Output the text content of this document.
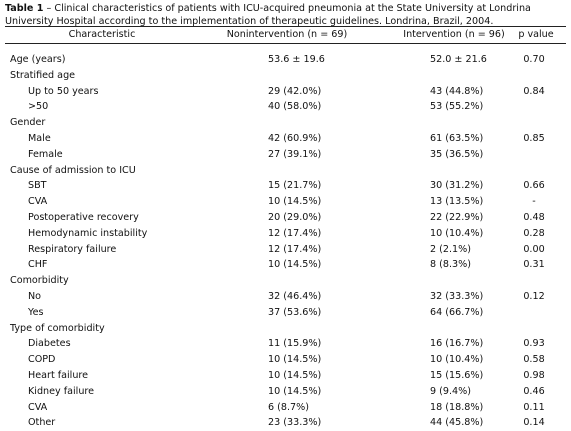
Table 1 – Clinical characteristics of patients with ICU-acquired pneumonia at the State University at Londrina University Hospital according to the implementation of therapeutic guidelines. Londrina, Brazil, 2004.
Characteristic	Nonintervention (n = 69)	Intervention (n = 96)	p value
Age (years)	53.6 ± 19.6	52.0 ± 21.6	0.70
Stratified age
Up to 50 years	29 (42.0%)	43 (44.8%)	0.84
>50	40 (58.0%)	53 (55.2%)
Gender
Male	42 (60.9%)	61 (63.5%)	0.85
Female	27 (39.1%)	35 (36.5%)
Cause of admission to ICU
SBT	15 (21.7%)	30 (31.2%)	0.66
CVA	10 (14.5%)	13 (13.5%)	-
Postoperative recovery	20 (29.0%)	22 (22.9%)	0.48
Hemodynamic instability	12 (17.4%)	10 (10.4%)	0.28
Respiratory failure	12 (17.4%)	2 (2.1%)	0.00
CHF	10 (14.5%)	8 (8.3%)	0.31
Comorbidity
No	32 (46.4%)	32 (33.3%)	0.12
Yes	37 (53.6%)	64 (66.7%)
Type of comorbidity
Diabetes	11 (15.9%)	16 (16.7%)	0.93
COPD	10 (14.5%)	10 (10.4%)	0.58
Heart failure	10 (14.5%)	15 (15.6%)	0.98
Kidney failure	10 (14.5%)	9 (9.4%)	0.46
CVA	6 (8.7%)	18 (18.8%)	0.11
Other	23 (33.3%)	44 (45.8%)	0.14
